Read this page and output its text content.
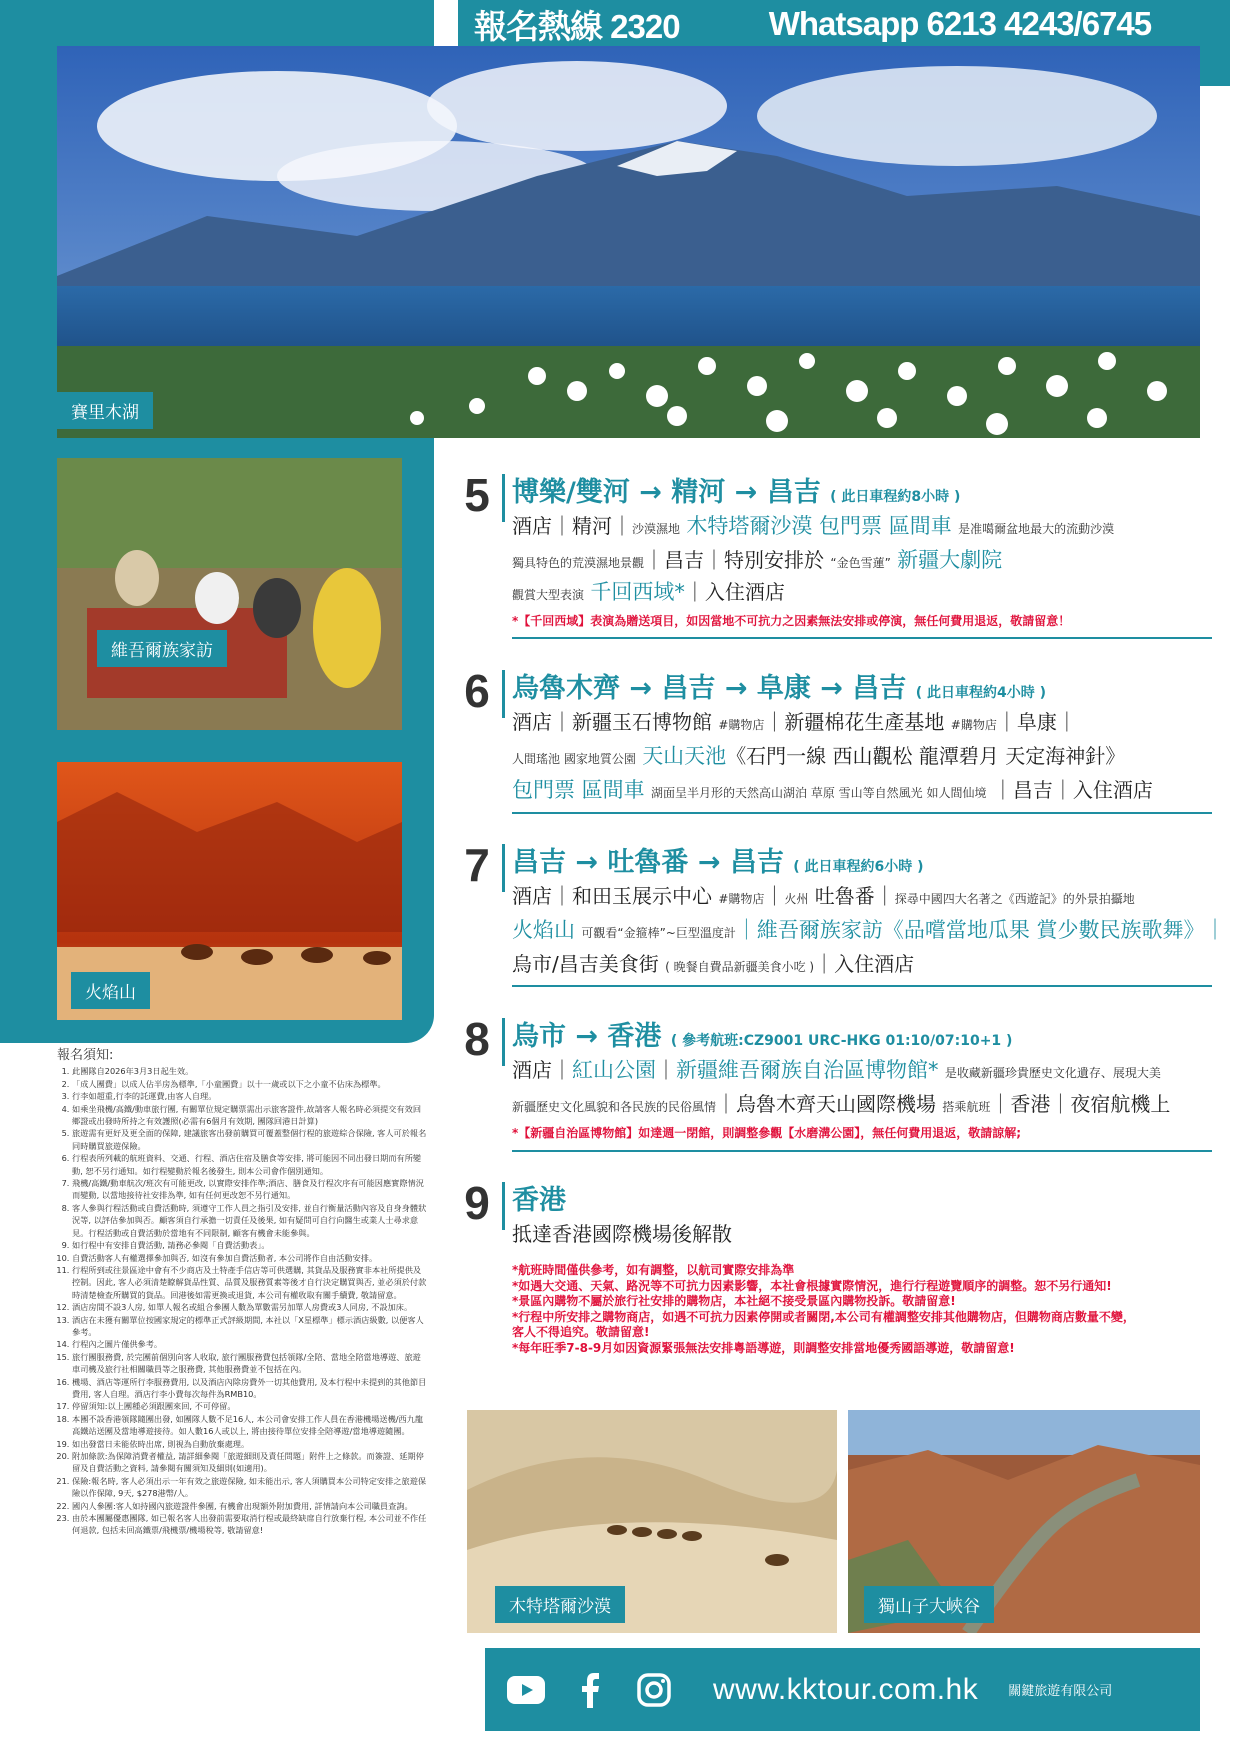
報名熱線 2320	Whatsapp 6213 4243/6745
賽里木湖
維吾爾族家訪
火焰山
5 博樂/雙河 → 精河 → 昌吉 ( 此日車程約8小時 )
酒店｜精河｜沙漠濕地 木特塔爾沙漠 包門票 區間車 是准噶爾盆地最大的流動沙漠
獨具特色的荒漠濕地景觀｜昌吉｜特別安排於 “金色雪蓮” 新疆大劇院
觀賞大型表演 千回西域*｜入住酒店
*【千回西域】表演為贈送項目，如因當地不可抗力之因素無法安排或停演，無任何費用退返，敬請留意！
6 烏魯木齊 → 昌吉 → 阜康 → 昌吉 ( 此日車程約4小時 )
酒店｜新疆玉石博物館 #購物店｜新疆棉花生產基地 #購物店｜阜康｜
人間瑤池 國家地質公園 天山天池《石門一線 西山觀松 龍潭碧月 天定海神針》
包門票 區間車 湖面呈半月形的天然高山湖泊 草原 雪山等自然風光 如人間仙境 ｜昌吉｜入住酒店
7 昌吉 → 吐魯番 → 昌吉 ( 此日車程約6小時 )
酒店｜和田玉展示中心 #購物店｜火州 吐魯番｜探尋中國四大名著之《西遊記》的外景拍攝地
火焰山 可觀看“金箍棒”~巨型溫度計｜維吾爾族家訪《品嚐當地瓜果 賞少數民族歌舞》｜
烏市/昌吉美食街 ( 晚餐自費品新疆美食小吃 )｜入住酒店
8 烏市 → 香港 ( 參考航班:CZ9001 URC-HKG 01:10/07:10+1 )
酒店｜紅山公園｜新疆維吾爾族自治區博物館* 是收藏新疆珍貴歷史文化遺存、展現大美
新疆歷史文化風貌和各民族的民俗風情｜烏魯木齊天山國際機場 搭乘航班｜香港｜夜宿航機上
*【新疆自治區博物館】如達週一閉館，則調整參觀【水磨溝公園】，無任何費用退返，敬請諒解;
9 香港
抵達香港國際機場後解散
*航班時間僅供參考，如有調整，以航司實際安排為準
*如遇大交通、天氣、路況等不可抗力因素影響，本社會根據實際情況，進行行程遊覽順序的調整。恕不另行通知!
*景區內購物不屬於旅行社安排的購物店，本社絕不接受景區內購物投訴。敬請留意!
*行程中所安排之購物商店，如遇不可抗力因素停開或者關閉,本公司有權調整安排其他購物店，但購物商店數量不變，
客人不得追究。敬請留意!
*每年旺季7-8-9月如因資源緊張無法安排粵語導遊，則調整安排當地優秀國語導遊，敬請留意!
木特塔爾沙漠	獨山子大峽谷
報名須知:
1. 此團隊自2026年3月3日起生效。
2. 「成人團費」以成人佔半房為標準,「小童團費」以十一歲或以下之小童不佔床為標準。
3. 行李如超重,行李的託運費,由客人自理。
4. 如乘坐飛機/高鐵/動車旅行團, 有關單位規定購票需出示旅客證件,故請客人報名時必須提交有效回鄉證或出發時所持之有效護照(必需有6個月有效期, 團隊回港日計算)
5. 旅遊需有更好及更全面的保障, 建議旅客出發前購買可覆蓋整個行程的旅遊綜合保險, 客人可於報名同時購買旅遊保險。
6. 行程表所列載的航班資料、交通、行程、酒店住宿及膳食等安排, 將可能因不同出發日期而有所變動, 恕不另行通知。如行程變動於報名後發生, 則本公司會作個別通知。
7. 飛機/高鐵/動車航次/班次有可能更改, 以實際安排作準;酒店、膳食及行程次序有可能因應實際情況而變動, 以當地接待社安排為準, 如有任何更改恕不另行通知。
8. 客人參與行程活動或自費活動時, 須遵守工作人員之指引及安排, 並自行衡量活動內容及自身身體狀況等, 以評估參加與否。顧客須自行承擔一切責任及後果, 如有疑問可自行向醫生或業人士尋求意見。行程活動或自費活動於當地有不同限制, 顧客有機會未能參與。
9. 如行程中有安排自費活動, 請務必參閱「自費活動表」。
10. 自費活動客人有權選擇參加與否, 如沒有參加自費活動者, 本公司將作自由活動安排。
11. 行程所到或往景區途中會有不少商店及土特產手信店等可供選購, 其貨品及服務實非本社所提供及控制。因此, 客人必須清楚瞭解貨品性質、品質及服務質素等後才自行決定購買與否, 並必須於付款時清楚檢查所購買的貨品。回港後如需更換或退貨, 本公司有權收取有關手續費, 敬請留意。
12. 酒店房間不設3人房, 如單人報名或組合參團人數為單數需另加單人房費或3人同房, 不設加床。
13. 酒店在未獲有關單位按國家規定的標準正式評級期間, 本社以「X星標準」標示酒店級數, 以便客人參考。
14. 行程內之圖片僅供參考。
15. 旅行團服務費, 於完團前個別向客人收取, 旅行團服務費包括領隊/全陪、當地全陪當地導遊、旅遊車司機及旅行社相關職員等之服務費, 其他服務費並不包括在內。
16. 機場、酒店等運所行李服務費用, 以及酒店內除房費外一切其他費用, 及本行程中未提到的其他節目費用, 客人自理。酒店行李小費每次每件為RMB10。
17. 停留須知:以上團種必須跟團來回, 不可停留。
18. 本團不設香港領隊隨團出發, 如團隊人數不足16人, 本公司會安排工作人員在香港機場送機/西九龍高鐵站送團及當地導遊接待。如人數16人或以上, 將由接待單位安排全陪導遊/當地導遊隨團。
19. 如出發當日未能依時出席, 則視為自動放棄處理。
20. 附加條款:為保障消費者權益, 請詳細參閱「旅遊細則及責任問題」附件上之條款。而簽證、延期停留及自費活動之資料, 請參閱有關須知及細則(如適用)。
21. 保險:報名時, 客人必須出示一年有效之旅遊保險, 如未能出示, 客人須購買本公司特定安排之旅遊保險以作保障, 9天, $278港幣/人。
22. 國內人參團:客人如持國內旅遊證件參團, 有機會出現額外附加費用, 詳情請向本公司職員查詢。
23. 由於本團屬優惠團隊, 如已報名客人出發前需要取消行程或最終缺席自行放棄行程, 本公司並不作任何退款, 包括未回高鐵票/飛機票/機場稅等, 敬請留意!
www.kktour.com.hk 關鍵旅遊有限公司
